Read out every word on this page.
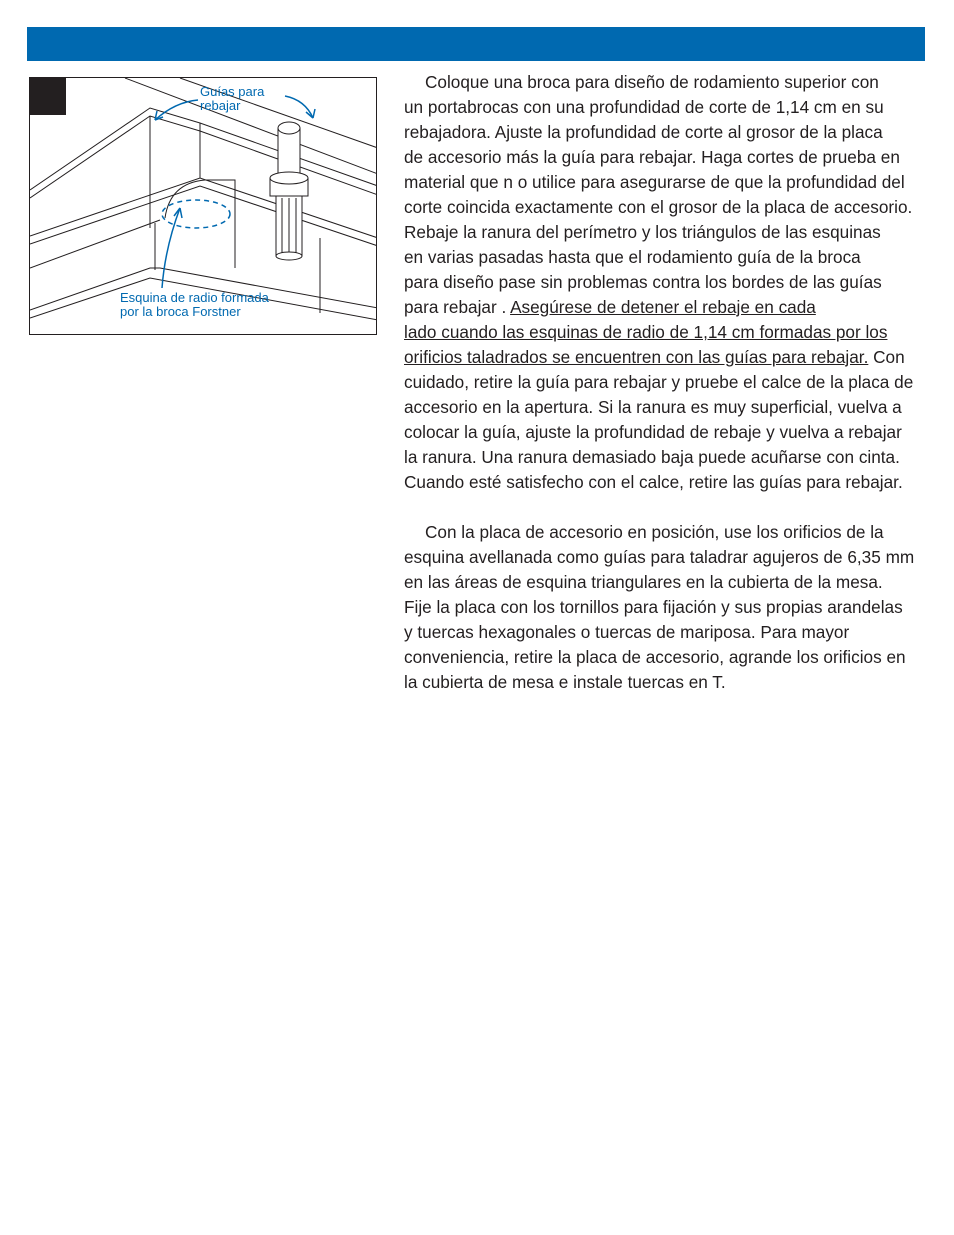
Guías para
rebajar
Esquina de radio formada
por la broca Forstner

Coloque una broca para diseño de rodamiento superior con
un portabrocas con una profundidad de corte de 1,14 cm en su
rebajadora. Ajuste la profundidad de corte al grosor de la placa
de accesorio más la guía para rebajar. Haga cortes de prueba en
material que n o utilice para asegurarse de que la profundidad del
corte coincida exactamente con el grosor de la placa de accesorio.
Rebaje la ranura del perímetro y los triángulos de las esquinas
en varias pasadas hasta que el rodamiento guía de la broca
para diseño pase sin problemas contra los bordes de las guías
para rebajar . Asegúrese de detener el rebaje en cada
lado cuando las esquinas de radio de 1,14 cm formadas por los
orificios taladrados se encuentren con las guías para rebajar. Con
cuidado, retire la guía para rebajar y pruebe el calce de la placa de
accesorio en la apertura. Si la ranura es muy superficial, vuelva a
colocar la guía, ajuste la profundidad de rebaje y vuelva a rebajar
la ranura. Una ranura demasiado baja puede acuñarse con cinta.
Cuando esté satisfecho con el calce, retire las guías para rebajar.

Con la placa de accesorio en posición, use los orificios de la
esquina avellanada como guías para taladrar agujeros de 6,35 mm
en las áreas de esquina triangulares en la cubierta de la mesa.
Fije la placa con los tornillos para fijación y sus propias arandelas
y tuercas hexagonales o tuercas de mariposa. Para mayor
conveniencia, retire la placa de accesorio, agrande los orificios en
la cubierta de mesa e instale tuercas en T.
